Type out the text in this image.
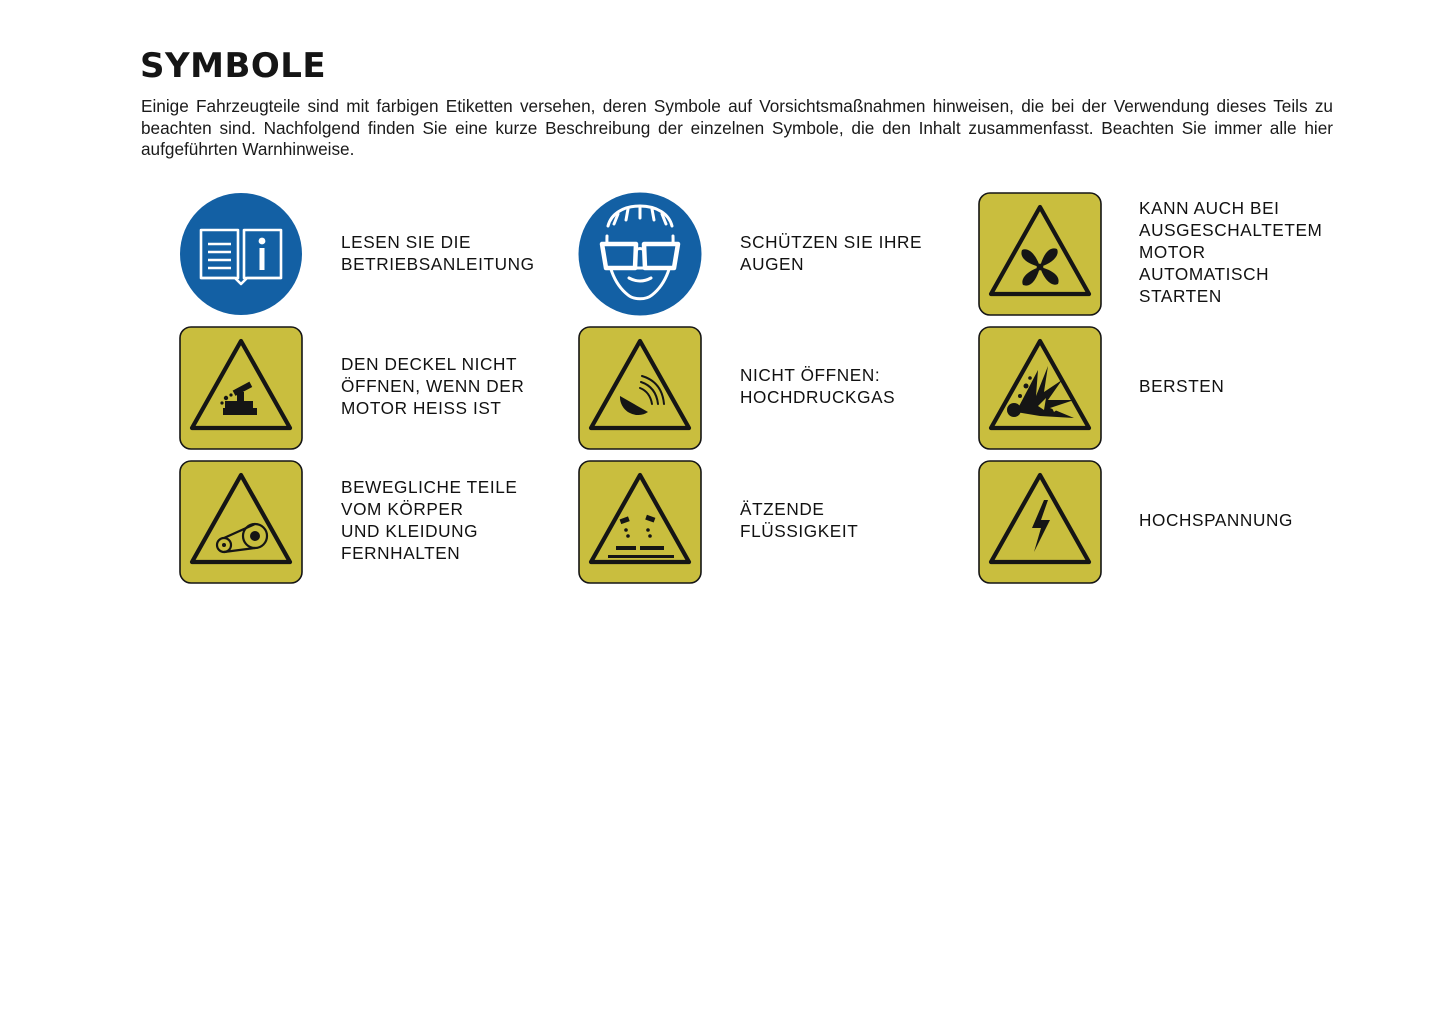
SYMBOLE

Einige Fahrzeugteile sind mit farbigen Etiketten versehen, deren Symbole auf Vorsichtsmaßnahmen hinweisen, die bei der Verwendung dieses Teils zu
beachten sind. Nachfolgend finden Sie eine kurze Beschreibung der einzelnen Symbole, die den Inhalt zusammenfasst. Beachten Sie immer alle hier
aufgeführten Warnhinweise.

LESEN SIE DIE
BETRIEBSANLEITUNG
SCHÜTZEN SIE IHRE
AUGEN
KANN AUCH BEI
AUSGESCHALTETEM
MOTOR AUTOMATISCH
STARTEN
DEN DECKEL NICHT
ÖFFNEN, WENN DER
MOTOR HEISS IST
NICHT ÖFFNEN:
HOCHDRUCKGAS
BERSTEN
BEWEGLICHE TEILE
VOM KÖRPER
UND KLEIDUNG
FERNHALTEN
ÄTZENDE FLÜSSIGKEIT
HOCHSPANNUNG
